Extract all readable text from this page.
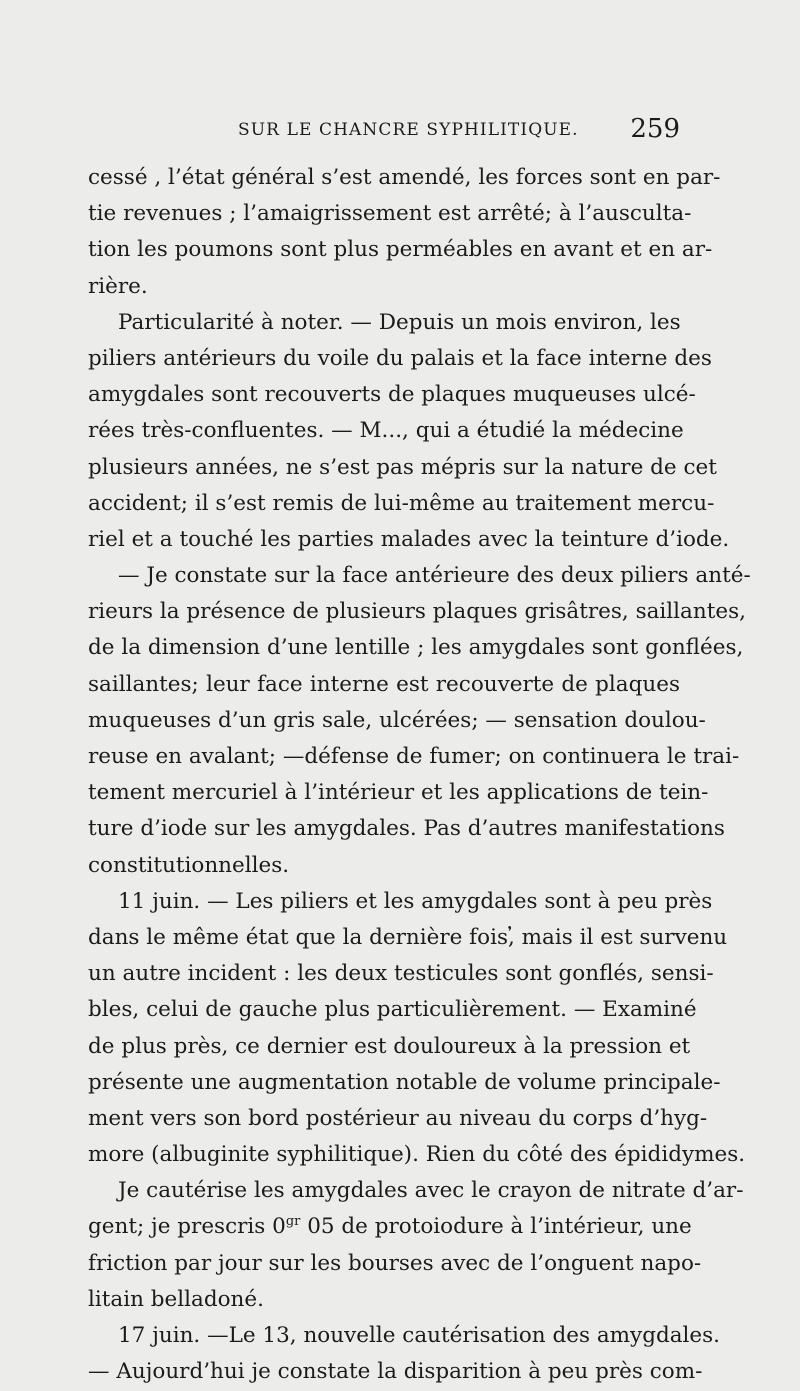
SUR LE CHANCRE SYPHILITIQUE. 259
cessé , l’état général s’est amendé, les forces sont en par-
tie revenues ; l’amaigrissement est arrêté; à l’ausculta-
tion les poumons sont plus perméables en avant et en ar-
rière.
Particularité à noter. — Depuis un mois environ, les
piliers antérieurs du voile du palais et la face interne des
amygdales sont recouverts de plaques muqueuses ulcé-
rées très-confluentes. — M..., qui a étudié la médecine
plusieurs années, ne s’est pas mépris sur la nature de cet
accident; il s’est remis de lui-même au traitement mercu-
riel et a touché les parties malades avec la teinture d’iode.
— Je constate sur la face antérieure des deux piliers anté-
rieurs la présence de plusieurs plaques grisâtres, saillantes,
de la dimension d’une lentille ; les amygdales sont gonflées,
saillantes; leur face interne est recouverte de plaques
muqueuses d’un gris sale, ulcérées; — sensation doulou-
reuse en avalant; —défense de fumer; on continuera le trai-
tement mercuriel à l’intérieur et les applications de tein-
ture d’iode sur les amygdales. Pas d’autres manifestations
constitutionnelles.
11 juin. — Les piliers et les amygdales sont à peu près
dans le même état que la dernière fois,̓ mais il est survenu
un autre incident : les deux testicules sont gonflés, sensi-
bles, celui de gauche plus particulièrement. — Examiné
de plus près, ce dernier est douloureux à la pression et
présente une augmentation notable de volume principale-
ment vers son bord postérieur au niveau du corps d’hyg-
more (albuginite syphilitique). Rien du côté des épididymes.
Je cautérise les amygdales avec le crayon de nitrate d’ar-
gent; je prescris $0^{gr}$ 05 de protoiodure à l’intérieur, une
friction par jour sur les bourses avec de l’onguent napo-
litain belladoné.
17 juin. —Le 13, nouvelle cautérisation des amygdales.
— Aujourd’hui je constate la disparition à peu près com-
